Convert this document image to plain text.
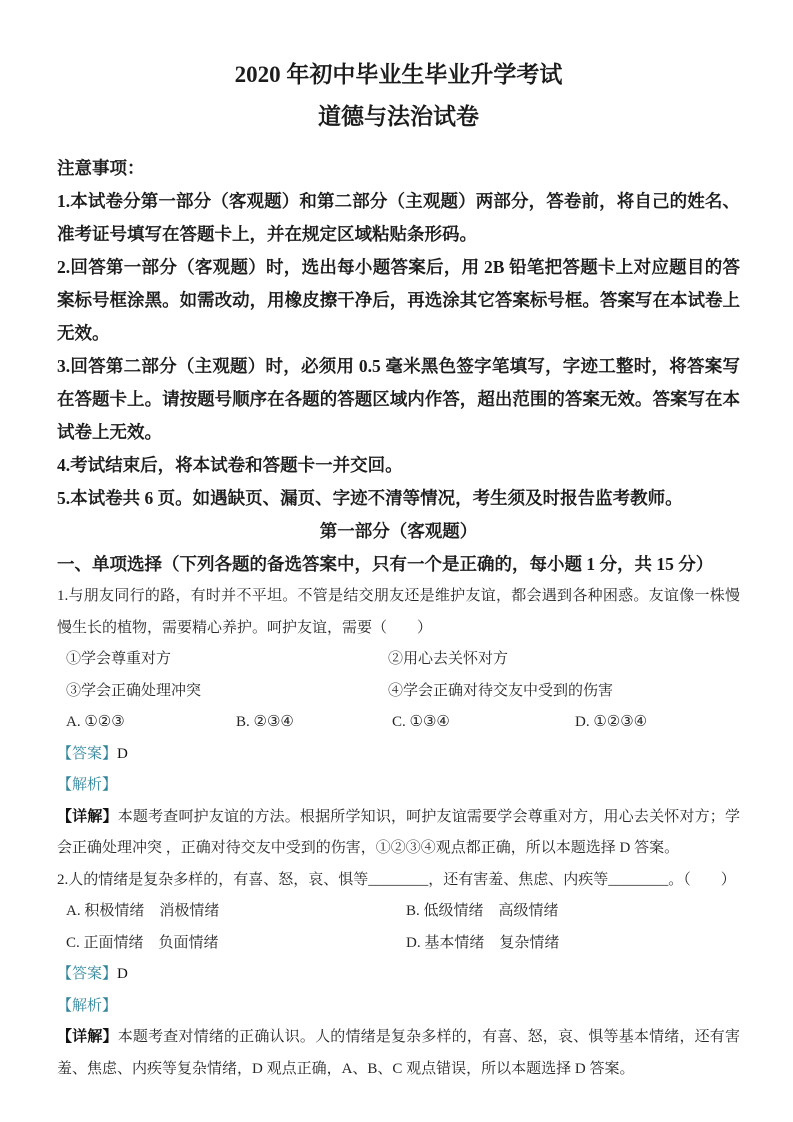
2020 年初中毕业生毕业升学考试

道德与法治试卷

注意事项：

1.本试卷分第一部分（客观题）和第二部分（主观题）两部分，答卷前，将自己的姓名、准考证号填写在答题卡上，并在规定区域粘贴条形码。

2.回答第一部分（客观题）时，选出每小题答案后，用 2B 铅笔把答题卡上对应题目的答案标号框涂黑。如需改动，用橡皮擦干净后，再选涂其它答案标号框。答案写在本试卷上无效。

3.回答第二部分（主观题）时，必须用 0.5 毫米黑色签字笔填写，字迹工整时，将答案写在答题卡上。请按题号顺序在各题的答题区域内作答，超出范围的答案无效。答案写在本试卷上无效。

4.考试结束后，将本试卷和答题卡一并交回。

5.本试卷共 6 页。如遇缺页、漏页、字迹不清等情况，考生须及时报告监考教师。

第一部分（客观题）

一、单项选择（下列各题的备选答案中，只有一个是正确的，每小题 1 分，共 15 分）

1.与朋友同行的路，有时并不平坦。不管是结交朋友还是维护友谊，都会遇到各种困惑。友谊像一株慢慢生长的植物，需要精心养护。呵护友谊，需要（　　）

①学会尊重对方	②用心去关怀对方
③学会正确处理冲突	④学会正确对待交友中受到的伤害
A. ①②③	B. ②③④	C. ①③④	D. ①②③④

【答案】D

【解析】

【详解】本题考查呵护友谊的方法。根据所学知识，呵护友谊需要学会尊重对方，用心去关怀对方；学会正确处理冲突 ，正确对待交友中受到的伤害，①②③④观点都正确，所以本题选择 D 答案。

2.人的情绪是复杂多样的，有喜、怒，哀、惧等________，还有害羞、焦虑、内疾等________。（　　）

A. 积极情绪　消极情绪	B. 低级情绪　高级情绪
C. 正面情绪　负面情绪	D. 基本情绪　复杂情绪

【答案】D

【解析】

【详解】本题考查对情绪的正确认识。人的情绪是复杂多样的，有喜、怒，哀、惧等基本情绪，还有害羞、焦虑、内疾等复杂情绪，D 观点正确，A、B、C 观点错误，所以本题选择 D 答案。
